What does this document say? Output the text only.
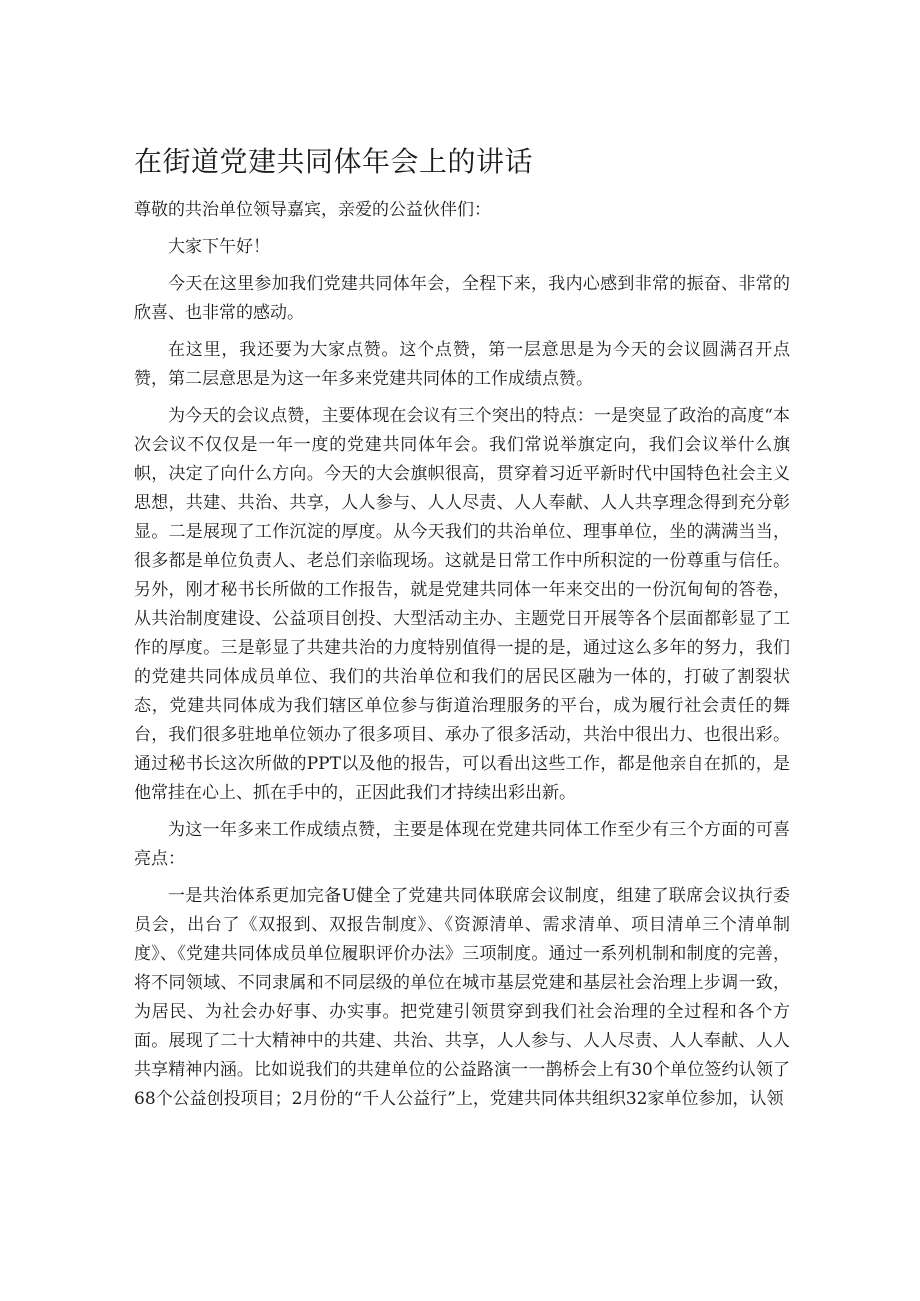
在街道党建共同体年会上的讲话

尊敬的共治单位领导嘉宾，亲爱的公益伙伴们：

大家下午好！

今天在这里参加我们党建共同体年会，全程下来，我内心感到非常的振奋、非常的欣喜、也非常的感动。

在这里，我还要为大家点赞。这个点赞，第一层意思是为今天的会议圆满召开点赞，第二层意思是为这一年多来党建共同体的工作成绩点赞。

为今天的会议点赞，主要体现在会议有三个突出的特点：一是突显了政治的高度“本次会议不仅仅是一年一度的党建共同体年会。我们常说举旗定向，我们会议举什么旗帜，决定了向什么方向。今天的大会旗帜很高，贯穿着习近平新时代中国特色社会主义思想，共建、共治、共享，人人参与、人人尽责、人人奉献、人人共享理念得到充分彰显。二是展现了工作沉淀的厚度。从今天我们的共治单位、理事单位，坐的满满当当，很多都是单位负责人、老总们亲临现场。这就是日常工作中所积淀的一份尊重与信任。另外，刚才秘书长所做的工作报告，就是党建共同体一年来交出的一份沉甸甸的答卷，从共治制度建设、公益项目创投、大型活动主办、主题党日开展等各个层面都彰显了工作的厚度。三是彰显了共建共治的力度特别值得一提的是，通过这么多年的努力，我们的党建共同体成员单位、我们的共治单位和我们的居民区融为一体的，打破了割裂状态，党建共同体成为我们辖区单位参与街道治理服务的平台，成为履行社会责任的舞台，我们很多驻地单位领办了很多项目、承办了很多活动，共治中很出力、也很出彩。通过秘书长这次所做的PPT以及他的报告，可以看出这些工作，都是他亲自在抓的，是他常挂在心上、抓在手中的，正因此我们才持续出彩出新。

为这一年多来工作成绩点赞，主要是体现在党建共同体工作至少有三个方面的可喜亮点：

一是共治体系更加完备U健全了党建共同体联席会议制度，组建了联席会议执行委员会，出台了《双报到、双报告制度》、《资源清单、需求清单、项目清单三个清单制度》、《党建共同体成员单位履职评价办法》三项制度。通过一系列机制和制度的完善，将不同领域、不同隶属和不同层级的单位在城市基层党建和基层社会治理上步调一致，为居民、为社会办好事、办实事。把党建引领贯穿到我们社会治理的全过程和各个方面。展现了二十大精神中的共建、共治、共享，人人参与、人人尽责、人人奉献、人人共享精神内涵。比如说我们的共建单位的公益路演一一鹊桥会上有30个单位签约认领了68个公益创投项目；2月份的“千人公益行”上，党建共同体共组织32家单位参加，认领
